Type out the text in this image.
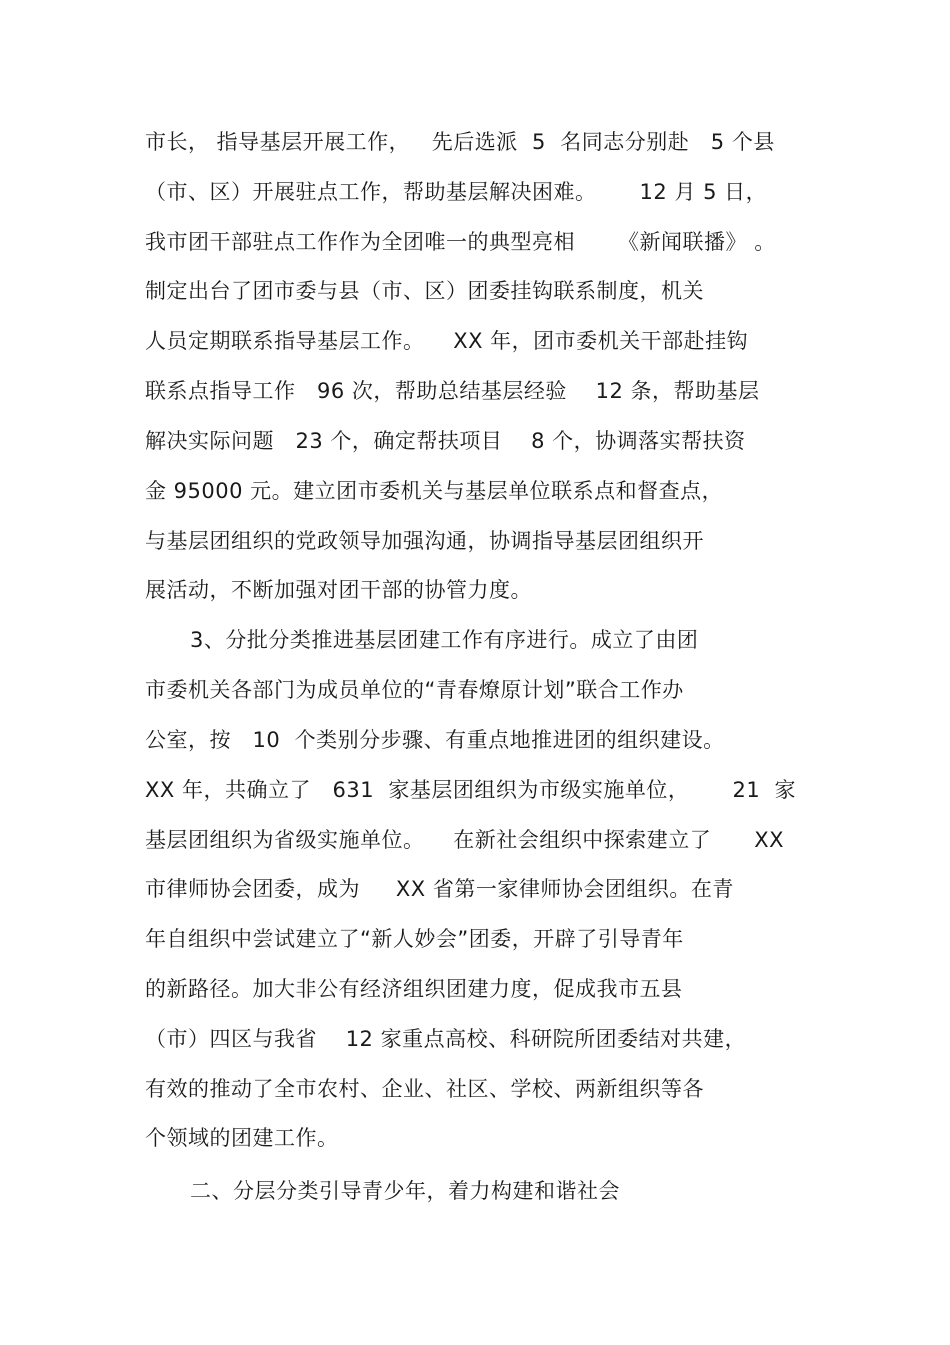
市长， 指导基层开展工作，   先后选派  5  名同志分别赴   5 个县
（市、区）开展驻点工作，帮助基层解决困难。      12 月 5 日，
我市团干部驻点工作作为全团唯一的典型亮相      《新闻联播》 。
制定出台了团市委与县（市、区）团委挂钩联系制度，机关
人员定期联系指导基层工作。    XX 年，团市委机关干部赴挂钩
联系点指导工作   96 次，帮助总结基层经验    12 条，帮助基层
解决实际问题   23 个，确定帮扶项目    8 个，协调落实帮扶资
金 95000 元。建立团市委机关与基层单位联系点和督查点，
与基层团组织的党政领导加强沟通，协调指导基层团组织开
展活动，不断加强对团干部的协管力度。
3、分批分类推进基层团建工作有序进行。成立了由团
市委机关各部门为成员单位的“青春燎原计划”联合工作办
公室，按   10  个类别分步骤、有重点地推进团的组织建设。
XX 年，共确立了   631  家基层团组织为市级实施单位，      21  家
基层团组织为省级实施单位。    在新社会组织中探索建立了      XX
市律师协会团委，成为     XX 省第一家律师协会团组织。在青
年自组织中尝试建立了“新人妙会”团委，开辟了引导青年
的新路径。加大非公有经济组织团建力度，促成我市五县
（市）四区与我省    12 家重点高校、科研院所团委结对共建，
有效的推动了全市农村、企业、社区、学校、两新组织等各
个领域的团建工作。
二、分层分类引导青少年，着力构建和谐社会
